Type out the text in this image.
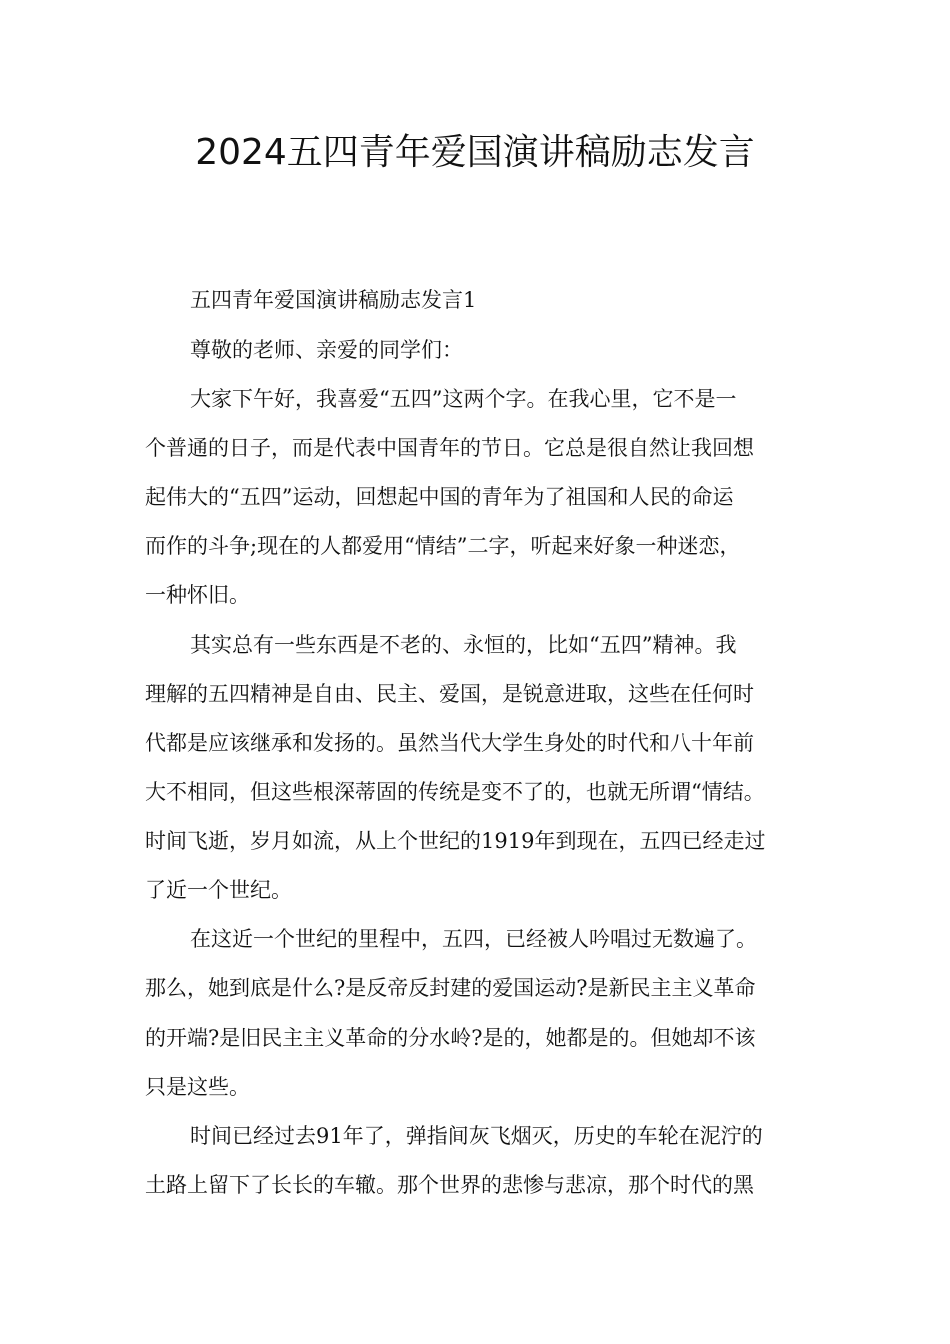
2024五四青年爱国演讲稿励志发言

五四青年爱国演讲稿励志发言1

尊敬的老师、亲爱的同学们：

大家下午好，我喜爱“五四”这两个字。在我心里，它不是一

个普通的日子，而是代表中国青年的节日。它总是很自然让我回想

起伟大的“五四”运动，回想起中国的青年为了祖国和人民的命运

而作的斗争;现在的人都爱用“情结”二字，听起来好象一种迷恋，

一种怀旧。

其实总有一些东西是不老的、永恒的，比如“五四”精神。我

理解的五四精神是自由、民主、爱国，是锐意进取，这些在任何时

代都是应该继承和发扬的。虽然当代大学生身处的时代和八十年前

大不相同，但这些根深蒂固的传统是变不了的，也就无所谓“情结。

时间飞逝，岁月如流，从上个世纪的1919年到现在，五四已经走过

了近一个世纪。

在这近一个世纪的里程中，五四，已经被人吟唱过无数遍了。

那么，她到底是什么?是反帝反封建的爱国运动?是新民主主义革命

的开端?是旧民主主义革命的分水岭?是的，她都是的。但她却不该

只是这些。

时间已经过去91年了，弹指间灰飞烟灭，历史的车轮在泥泞的

土路上留下了长长的车辙。那个世界的悲惨与悲凉，那个时代的黑
